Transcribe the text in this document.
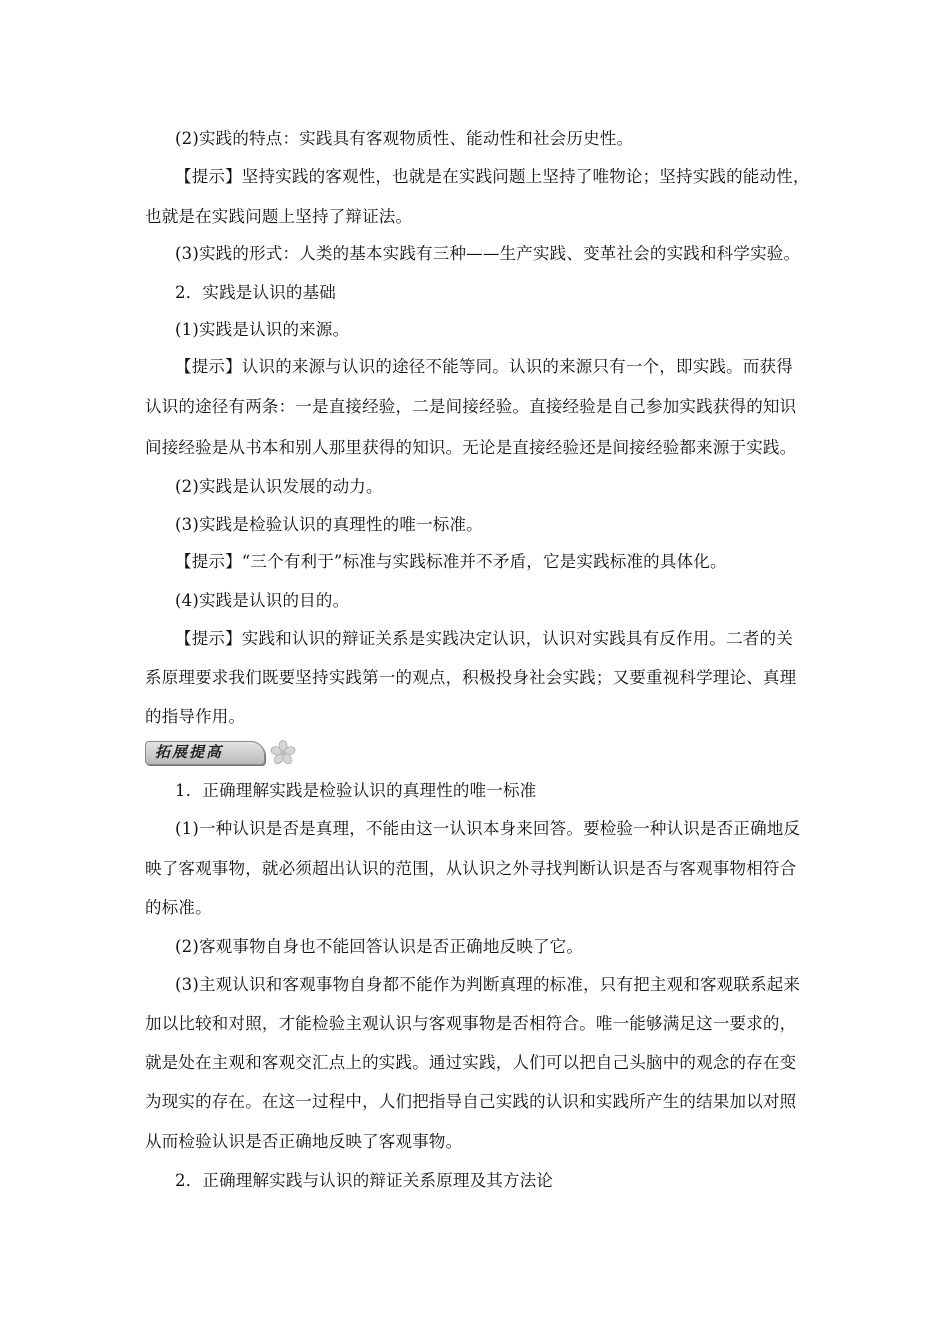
(2)实践的特点：实践具有客观物质性、能动性和社会历史性。
【提示】坚持实践的客观性，也就是在实践问题上坚持了唯物论；坚持实践的能动性，
也就是在实践问题上坚持了辩证法。
(3)实践的形式：人类的基本实践有三种——生产实践、变革社会的实践和科学实验。
2．实践是认识的基础
(1)实践是认识的来源。
【提示】认识的来源与认识的途径不能等同。认识的来源只有一个，即实践。而获得
认识的途径有两条：一是直接经验，二是间接经验。直接经验是自己参加实践获得的知识
间接经验是从书本和别人那里获得的知识。无论是直接经验还是间接经验都来源于实践。
(2)实践是认识发展的动力。
(3)实践是检验认识的真理性的唯一标准。
【提示】“三个有利于”标准与实践标准并不矛盾，它是实践标准的具体化。
(4)实践是认识的目的。
【提示】实践和认识的辩证关系是实践决定认识，认识对实践具有反作用。二者的关
系原理要求我们既要坚持实践第一的观点，积极投身社会实践；又要重视科学理论、真理
的指导作用。
拓展提高
1．正确理解实践是检验认识的真理性的唯一标准
(1)一种认识是否是真理，不能由这一认识本身来回答。要检验一种认识是否正确地反
映了客观事物，就必须超出认识的范围，从认识之外寻找判断认识是否与客观事物相符合
的标准。
(2)客观事物自身也不能回答认识是否正确地反映了它。
(3)主观认识和客观事物自身都不能作为判断真理的标准，只有把主观和客观联系起来
加以比较和对照，才能检验主观认识与客观事物是否相符合。唯一能够满足这一要求的，
就是处在主观和客观交汇点上的实践。通过实践，人们可以把自己头脑中的观念的存在变
为现实的存在。在这一过程中，人们把指导自己实践的认识和实践所产生的结果加以对照
从而检验认识是否正确地反映了客观事物。
2．正确理解实践与认识的辩证关系原理及其方法论
